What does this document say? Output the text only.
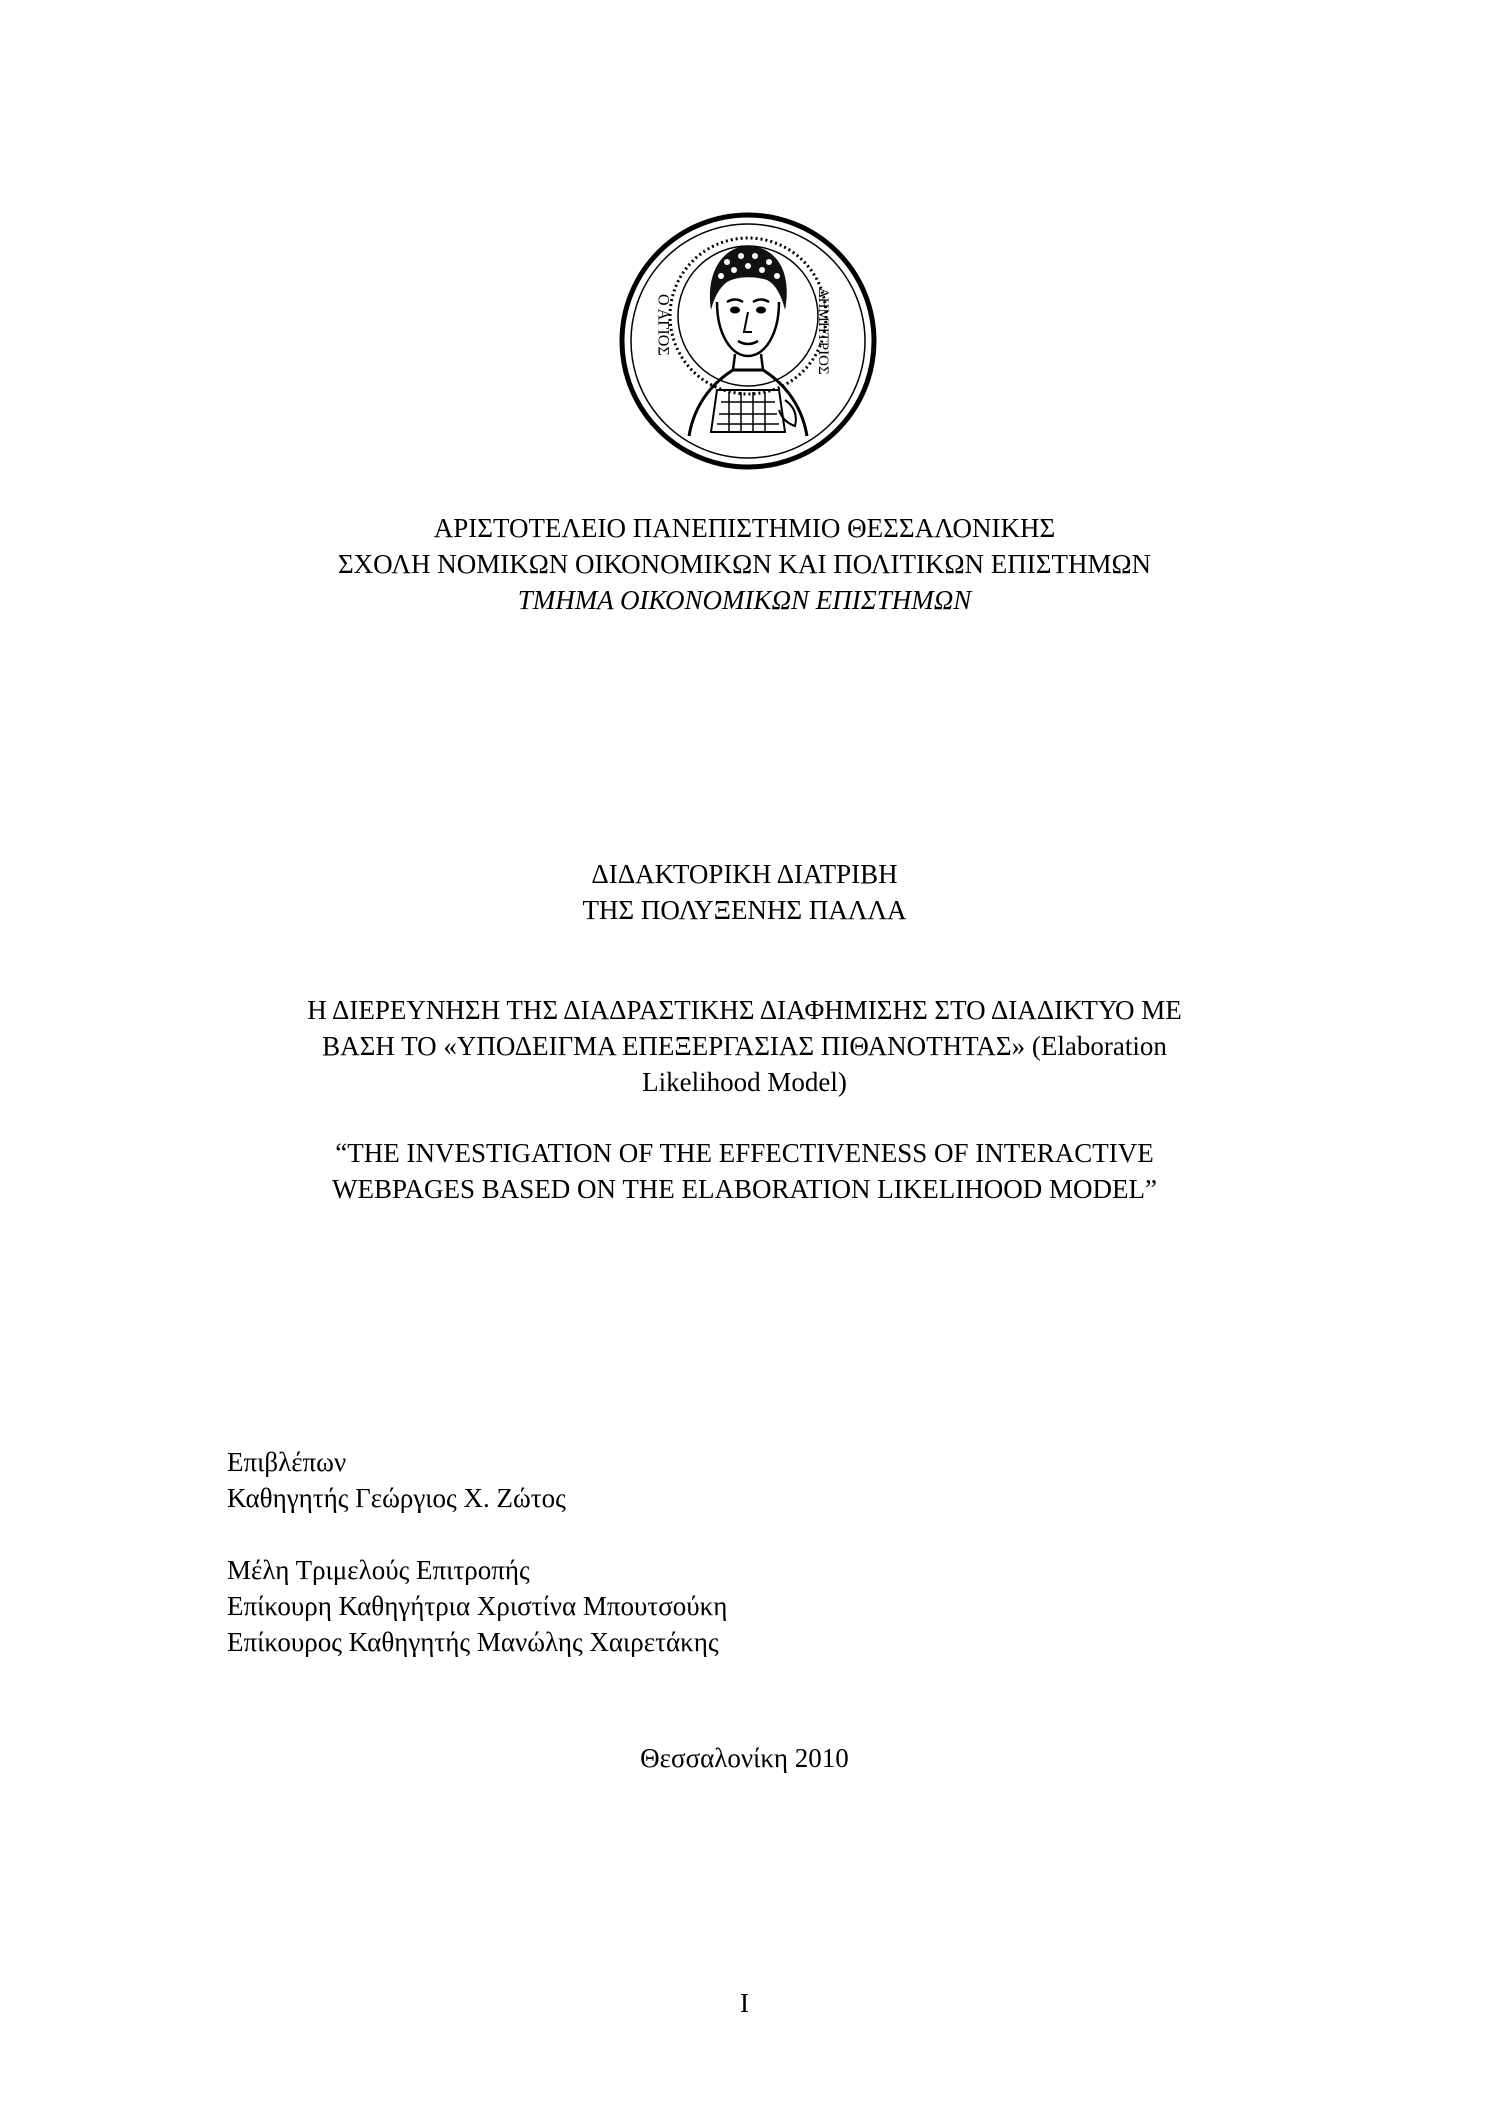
Ο ΑΓΙΟΣ	ΔΗΜΗΤΡΙΟΣ
ΑΡΙΣΤΟΤΕΛΕΙΟ ΠΑΝΕΠΙΣΤΗΜΙΟ ΘΕΣΣΑΛΟΝΙΚΗΣ
ΣΧΟΛΗ ΝΟΜΙΚΩΝ ΟΙΚΟΝΟΜΙΚΩΝ ΚΑΙ ΠΟΛΙΤΙΚΩΝ ΕΠΙΣΤΗΜΩΝ
ΤΜΗΜΑ ΟΙΚΟΝΟΜΙΚΩΝ ΕΠΙΣΤΗΜΩΝ
ΔΙΔΑΚΤΟΡΙΚΗ ΔΙΑΤΡΙΒΗ
ΤΗΣ ΠΟΛΥΞΕΝΗΣ ΠΑΛΛΑ
Η ΔΙΕΡΕΥΝΗΣΗ ΤΗΣ ΔΙΑΔΡΑΣΤΙΚΗΣ ΔΙΑΦΗΜΙΣΗΣ ΣΤΟ ΔΙΑΔΙΚΤΥΟ ΜΕ
ΒΑΣΗ ΤΟ «ΥΠΟΔΕΙΓΜΑ ΕΠΕΞΕΡΓΑΣΙΑΣ ΠΙΘΑΝΟΤΗΤΑΣ» (Elaboration
Likelihood Model)
“THE INVESTIGATION OF THE EFFECTIVENESS OF INTERACTIVE
WEBPAGES BASED ON THE ELABORATION LIKELIHOOD MODEL”
Επιβλέπων
Καθηγητής Γεώργιος Χ. Ζώτος
Μέλη Τριμελούς Επιτροπής
Επίκουρη Καθηγήτρια Χριστίνα Μπουτσούκη
Επίκουρος Καθηγητής Μανώλης Χαιρετάκης
Θεσσαλονίκη 2010
I
